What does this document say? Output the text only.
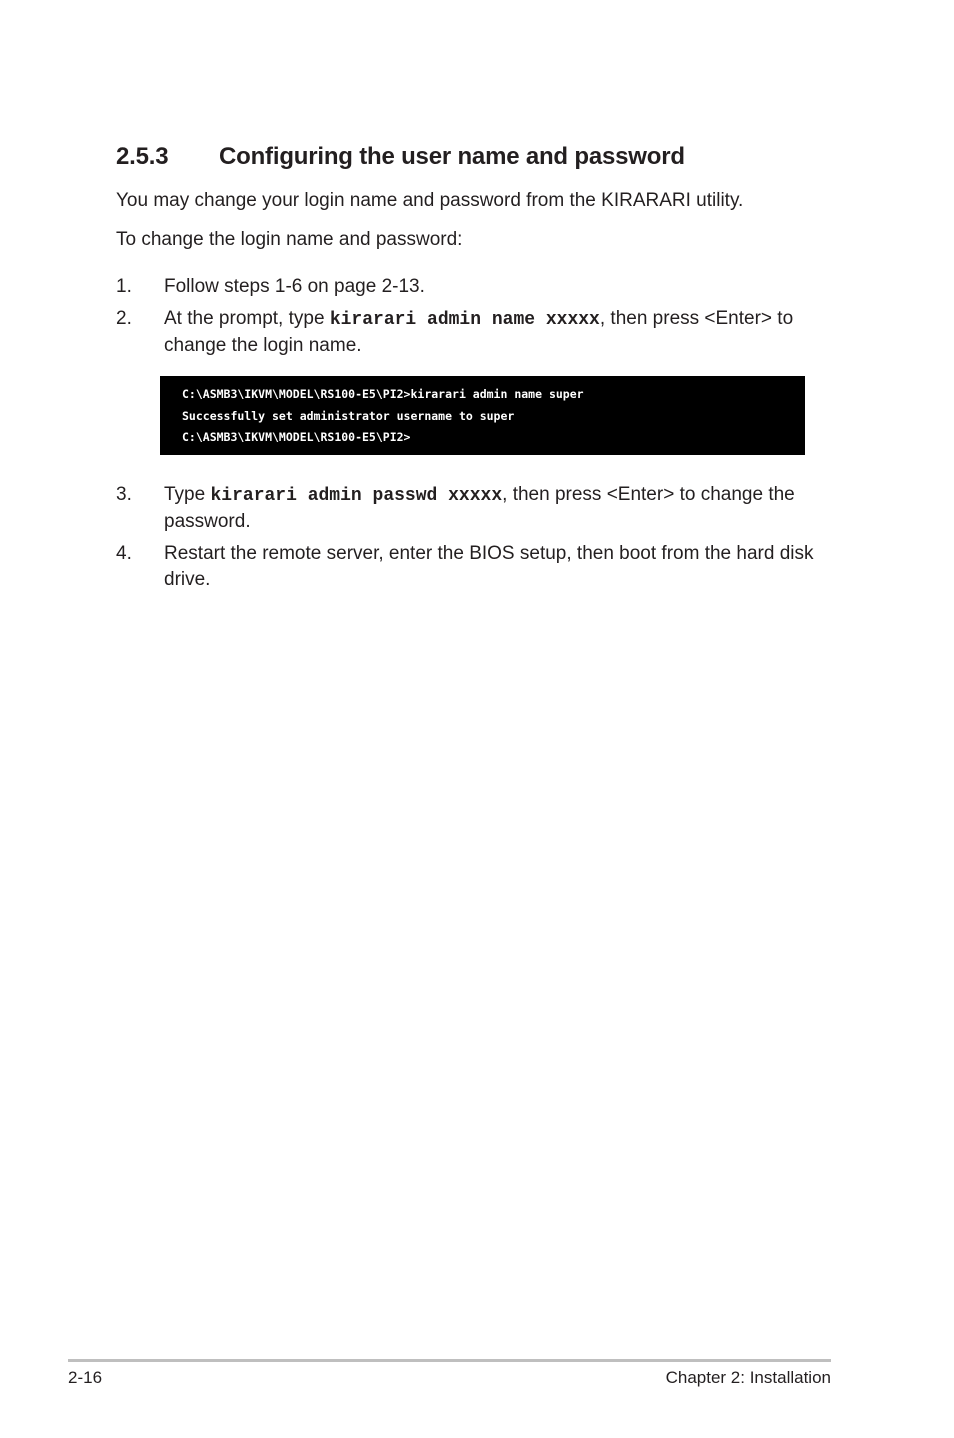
2.5.3 Configuring the user name and password
You may change your login name and password from the KIRARARI utility.
To change the login name and password:
1. Follow steps 1-6 on page 2-13.
2. At the prompt, type kirarari admin name xxxxx, then press <Enter> to change the login name.
C:\ASMB3\IKVM\MODEL\RS100-E5\PI2>kirarari admin name super
Successfully set administrator username to super
C:\ASMB3\IKVM\MODEL\RS100-E5\PI2>
3. Type kirarari admin passwd xxxxx, then press <Enter> to change the password.
4. Restart the remote server, enter the BIOS setup, then boot from the hard disk drive.
2-16	Chapter 2: Installation
